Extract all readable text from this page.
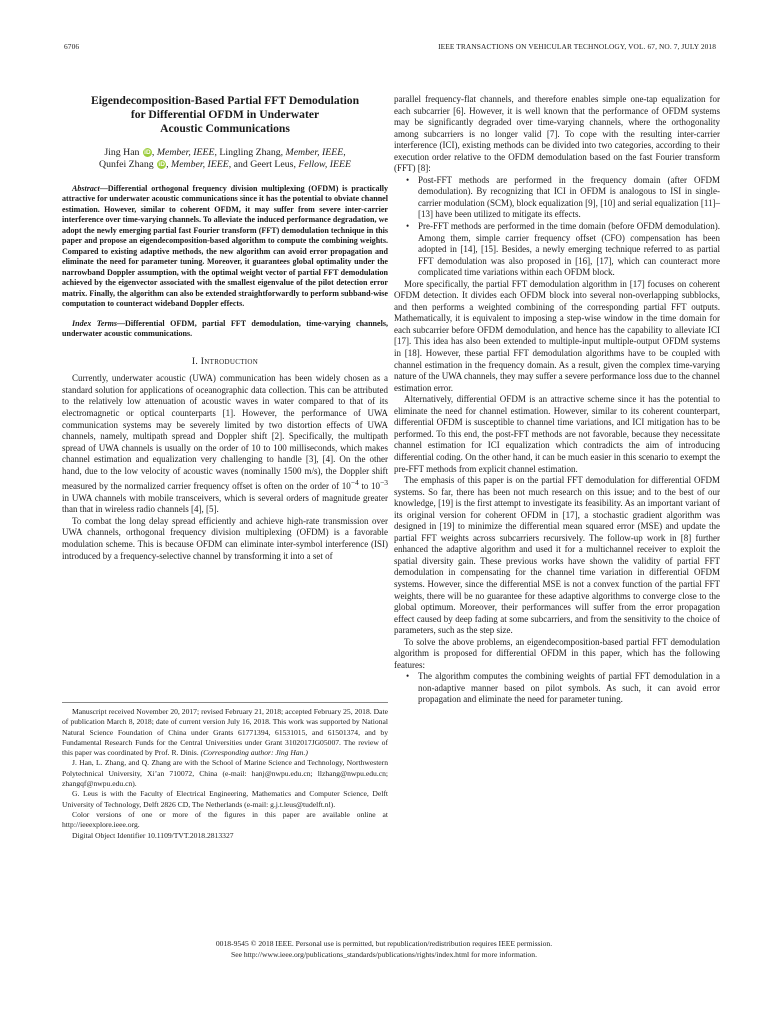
6706	IEEE TRANSACTIONS ON VEHICULAR TECHNOLOGY, VOL. 67, NO. 7, JULY 2018
Eigendecomposition-Based Partial FFT Demodulation
for Differential OFDM in Underwater
Acoustic Communications
Jing Han iD, Member, IEEE, Lingling Zhang, Member, IEEE,
Qunfei Zhang iD, Member, IEEE, and Geert Leus, Fellow, IEEE

Abstract—Differential orthogonal frequency division multiplexing (OFDM) is practically attractive for underwater acoustic communications since it has the potential to obviate channel estimation. However, similar to coherent OFDM, it may suffer from severe inter-carrier interference over time-varying channels. To alleviate the induced performance degradation, we adopt the newly emerging partial fast Fourier transform (FFT) demodulation technique in this paper and propose an eigendecomposition-based algorithm to compute the combining weights. Compared to existing adaptive methods, the new algorithm can avoid error propagation and eliminate the need for parameter tuning. Moreover, it guarantees global optimality under the narrowband Doppler assumption, with the optimal weight vector of partial FFT demodulation achieved by the eigenvector associated with the smallest eigenvalue of the pilot detection error matrix. Finally, the algorithm can also be extended straightforwardly to perform subband-wise computation to counteract wideband Doppler effects.

Index Terms—Differential OFDM, partial FFT demodulation, time-varying channels, underwater acoustic communications.

I. Introduction

Currently, underwater acoustic (UWA) communication has been widely chosen as a standard solution for applications of oceanographic data collection. This can be attributed to the relatively low attenuation of acoustic waves in water compared to that of its electromagnetic or optical counterparts [1]. However, the performance of UWA communication systems may be severely limited by two distortion effects of UWA channels, namely, multipath spread and Doppler shift [2]. Specifically, the multipath spread of UWA channels is usually on the order of 10 to 100 milliseconds, which makes channel estimation and equalization very challenging to handle [3], [4]. On the other hand, due to the low velocity of acoustic waves (nominally 1500 m/s), the Doppler shift measured by the normalized carrier frequency offset is often on the order of $10^{-4}$ to $10^{-3}$ in UWA channels with mobile transceivers, which is several orders of magnitude greater than that in wireless radio channels [4], [5].

To combat the long delay spread efficiently and achieve high-rate transmission over UWA channels, orthogonal frequency division multiplexing (OFDM) is a favorable modulation scheme. This is because OFDM can eliminate inter-symbol interference (ISI) introduced by a frequency-selective channel by transforming it into a set of

Manuscript received November 20, 2017; revised February 21, 2018; accepted February 25, 2018. Date of publication March 8, 2018; date of current version July 16, 2018. This work was supported by National Natural Science Foundation of China under Grants 61771394, 61531015, and 61501374, and by Fundamental Research Funds for the Central Universities under Grant 3102017JG05007. The review of this paper was coordinated by Prof. R. Dinis. (Corresponding author: Jing Han.)

J. Han, L. Zhang, and Q. Zhang are with the School of Marine Science and Technology, Northwestern Polytechnical University, Xi’an 710072, China (e-mail: hanj@nwpu.edu.cn; llzhang@nwpu.edu.cn; zhangqf@nwpu.edu.cn).

G. Leus is with the Faculty of Electrical Engineering, Mathematics and Computer Science, Delft University of Technology, Delft 2826 CD, The Netherlands (e-mail: g.j.t.leus@tudelft.nl).

Color versions of one or more of the figures in this paper are available online at http://ieeexplore.ieee.org.

Digital Object Identifier 10.1109/TVT.2018.2813327

parallel frequency-flat channels, and therefore enables simple one-tap equalization for each subcarrier [6]. However, it is well known that the performance of OFDM systems may be significantly degraded over time-varying channels, where the orthogonality among subcarriers is no longer valid [7]. To cope with the resulting inter-carrier interference (ICI), existing methods can be divided into two categories, according to their execution order relative to the OFDM demodulation based on the fast Fourier transform (FFT) [8]:

• Post-FFT methods are performed in the frequency domain (after OFDM demodulation). By recognizing that ICI in OFDM is analogous to ISI in single-carrier modulation (SCM), block equalization [9], [10] and serial equalization [11]–[13] have been utilized to mitigate its effects.
• Pre-FFT methods are performed in the time domain (before OFDM demodulation). Among them, simple carrier frequency offset (CFO) compensation has been adopted in [14], [15]. Besides, a newly emerging technique referred to as partial FFT demodulation was also proposed in [16], [17], which can counteract more complicated time variations within each OFDM block.

More specifically, the partial FFT demodulation algorithm in [17] focuses on coherent OFDM detection. It divides each OFDM block into several non-overlapping subblocks, and then performs a weighted combining of the corresponding partial FFT outputs. Mathematically, it is equivalent to imposing a step-wise window in the time domain for each subcarrier before OFDM demodulation, and hence has the capability to alleviate ICI [17]. This idea has also been extended to multiple-input multiple-output OFDM systems in [18]. However, these partial FFT demodulation algorithms have to be coupled with channel estimation in the frequency domain. As a result, given the complex time-varying nature of the UWA channels, they may suffer a severe performance loss due to the channel estimation error.

Alternatively, differential OFDM is an attractive scheme since it has the potential to eliminate the need for channel estimation. However, similar to its coherent counterpart, differential OFDM is susceptible to channel time variations, and ICI mitigation has to be performed. To this end, the post-FFT methods are not favorable, because they necessitate channel estimation for ICI equalization which contradicts the aim of introducing differential coding. On the other hand, it can be much easier in this scenario to exempt the pre-FFT methods from explicit channel estimation.

The emphasis of this paper is on the partial FFT demodulation for differential OFDM systems. So far, there has been not much research on this issue; and to the best of our knowledge, [19] is the first attempt to investigate its feasibility. As an important variant of its original version for coherent OFDM in [17], a stochastic gradient algorithm was designed in [19] to minimize the differential mean squared error (MSE) and update the partial FFT weights across subcarriers recursively. The follow-up work in [8] further enhanced the adaptive algorithm and used it for a multichannel receiver to exploit the spatial diversity gain. These previous works have shown the validity of partial FFT demodulation in compensating for the channel time variation in differential OFDM systems. However, since the differential MSE is not a convex function of the partial FFT weights, there will be no guarantee for these adaptive algorithms to converge close to the global optimum. Moreover, their performances will suffer from the error propagation effect caused by deep fading at some subcarriers, and from the sensitivity to the choice of parameters, such as the step size.

To solve the above problems, an eigendecomposition-based partial FFT demodulation algorithm is proposed for differential OFDM in this paper, which has the following features:

• The algorithm computes the combining weights of partial FFT demodulation in a non-adaptive manner based on pilot symbols. As such, it can avoid error propagation and eliminate the need for parameter tuning.
0018-9545 © 2018 IEEE. Personal use is permitted, but republication/redistribution requires IEEE permission.
See http://www.ieee.org/publications_standards/publications/rights/index.html for more information.
